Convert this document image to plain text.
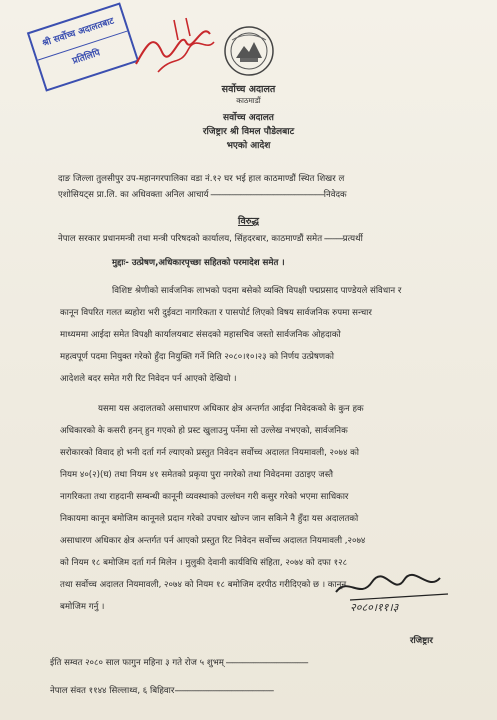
श्री सर्वोच्च अदालतबाट
प्रतिलिपि
सर्वोच्च अदालत
काठमाडौं
सर्वोच्च अदालत
रजिष्ट्रार श्री विमल पौडेलबाट
भएको आदेश
दाङ जिल्ला तुलसीपुर उप-महानगरपालिका वडा नं.१२ घर भई हाल काठमाण्डौं स्थित शिखर ल
एशोसियट्स प्रा.लि. का अधिवक्ता अनिल आचार्य ------------------------------------------------------निवेदक
विरुद्ध
नेपाल सरकार प्रधानमन्त्री तथा मन्त्री परिषदको कार्यालय, सिंहदरबार, काठमाण्डौं समेत ---------प्रत्यर्थी
मुद्दाः- उत्प्रेषण,अधिकारपृच्छा सहितको परमादेश समेत ।
विशिष्ट श्रेणीको सार्वजनिक लाभको पदमा बसेको व्यक्ति विपक्षी पद्मप्रसाद पाण्डेयले संविधान र
कानून विपरित गलत ब्यहोरा भरी दुईवटा नागरिकता र पासपोर्ट लिएको विषय सार्वजनिक रुपमा सन्चार
माध्यममा आईदा समेत विपक्षी कार्यालयबाट संसदको महासचिव जस्तो सार्वजनिक ओहदाको
महत्वपूर्ण पदमा नियुक्त गरेको हुँदा नियुक्ति गर्ने मिति २०८०।१०।२३ को निर्णय उत्प्रेषणको
आदेशले बदर समेत गरी रिट निवेदन पर्न आएको देखियो ।
यसमा यस अदालतको असाधारण अधिकार क्षेत्र अन्तर्गत आईदा निवेदकको के कुन हक
अधिकारको के कसरी हनन् हुन गएको हो प्रस्ट खुलाउनु पर्नेमा सो उल्लेख नभएको, सार्वजनिक
सरोकारको विवाद हो भनी दर्ता गर्न ल्याएको प्रस्तुत निवेदन सर्वोच्च अदालत नियमावली, २०७४ को
नियम ४०(२)(घ) तथा नियम ४१ समेतको प्रकृया पुरा नगरेको तथा निवेदनमा उठाइए जस्तै
नागरिकता तथा राहदानी सम्बन्धी कानूनी व्यवस्थाको उल्लंघन गरी कसुर गरेको भएमा साधिकार
निकायमा कानून बमोजिम कानूनले प्रदान गरेको उपचार खोज्न जान सकिने नै हुँदा यस अदालतको
असाधारण अधिकार क्षेत्र अन्तर्गत पर्न आएको प्रस्तुत रिट निवेदन सर्वोच्च अदालत नियमावली ,२०७४
को नियम १८ बमोजिम दर्ता गर्न मिलेन । मुलुकी देवानी कार्यविधि संहिता, २०७४ को दफा १२८
तथा सर्वोच्च अदालत नियमावली, २०७४ को नियम १८ बमोजिम दरपीठ गरीदिएको छ । कानून
बमोजिम गर्नु ।	२०८०।११।३
रजिष्ट्रार
ईति सम्वत २०८० साल फागुन महिना ३ गते रोज ५ शुभम् ---------------------------------------
नेपाल संवत ११४४ सिल्लाथ्व, ६ बिहिवार-----------------------------------------------
